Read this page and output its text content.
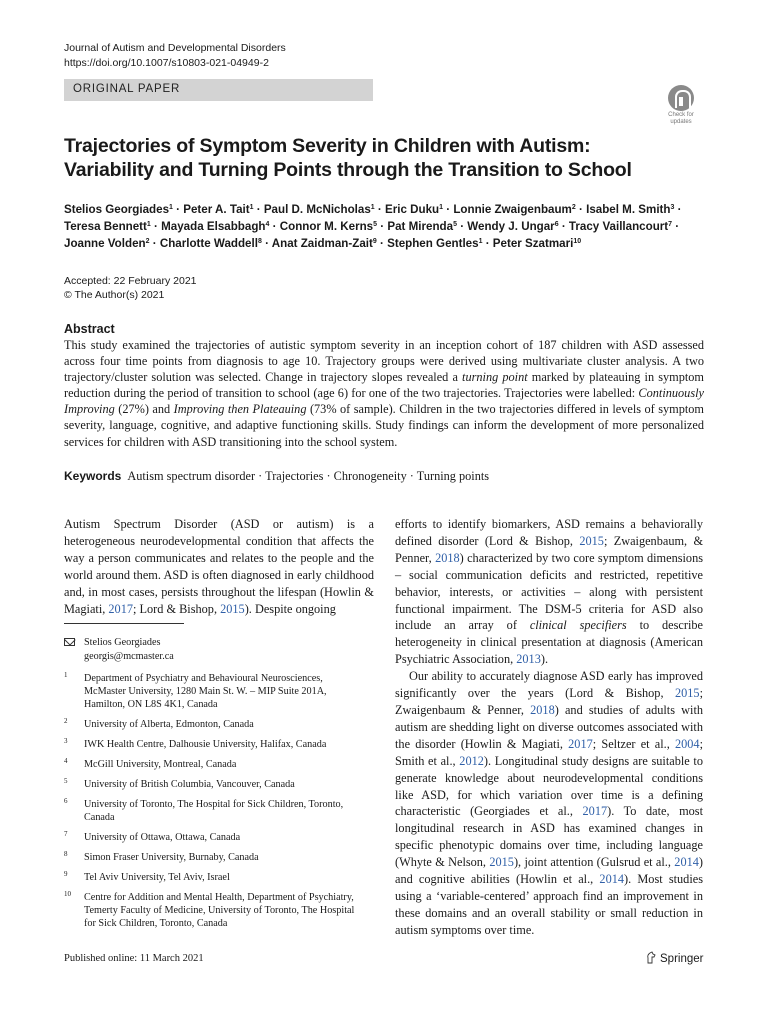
Journal of Autism and Developmental Disorders
https://doi.org/10.1007/s10803-021-04949-2
ORIGINAL PAPER
Check for
updates
Trajectories of Symptom Severity in Children with Autism: Variability and Turning Points through the Transition to School
Stelios Georgiades$^1$ · Peter A. Tait$^1$ · Paul D. McNicholas$^1$ · Eric Duku$^1$ · Lonnie Zwaigenbaum$^2$ · Isabel M. Smith$^3$ · Teresa Bennett$^1$ · Mayada Elsabbagh$^4$ · Connor M. Kerns$^5$ · Pat Mirenda$^5$ · Wendy J. Ungar$^6$ · Tracy Vaillancourt$^7$ · Joanne Volden$^2$ · Charlotte Waddell$^8$ · Anat Zaidman-Zait$^9$ · Stephen Gentles$^1$ · Peter Szatmari$^{10}$
Accepted: 22 February 2021
© The Author(s) 2021
Abstract
This study examined the trajectories of autistic symptom severity in an inception cohort of 187 children with ASD assessed across four time points from diagnosis to age 10. Trajectory groups were derived using multivariate cluster analysis. A two trajectory/cluster solution was selected. Change in trajectory slopes revealed a turning point marked by plateauing in symptom reduction during the period of transition to school (age 6) for one of the two trajectories. Trajectories were labelled: Continuously Improving (27%) and Improving then Plateauing (73% of sample). Children in the two trajectories differed in levels of symptom severity, language, cognitive, and adaptive functioning skills. Study findings can inform the development of more personalized services for children with ASD transitioning into the school system.
Keywords Autism spectrum disorder · Trajectories · Chronogeneity · Turning points
Autism Spectrum Disorder (ASD or autism) is a heterogeneous neurodevelopmental condition that affects the way a person communicates and relates to the people and the world around them. ASD is often diagnosed in early childhood and, in most cases, persists throughout the lifespan (Howlin & Magiati, 2017; Lord & Bishop, 2015). Despite ongoing
Stelios Georgiades
georgis@mcmaster.ca
1 Department of Psychiatry and Behavioural Neurosciences, McMaster University, 1280 Main St. W. – MIP Suite 201A, Hamilton, ON L8S 4K1, Canada
2 University of Alberta, Edmonton, Canada
3 IWK Health Centre, Dalhousie University, Halifax, Canada
4 McGill University, Montreal, Canada
5 University of British Columbia, Vancouver, Canada
6 University of Toronto, The Hospital for Sick Children, Toronto, Canada
7 University of Ottawa, Ottawa, Canada
8 Simon Fraser University, Burnaby, Canada
9 Tel Aviv University, Tel Aviv, Israel
10 Centre for Addition and Mental Health, Department of Psychiatry, Temerty Faculty of Medicine, University of Toronto, The Hospital for Sick Children, Toronto, Canada

efforts to identify biomarkers, ASD remains a behaviorally defined disorder (Lord & Bishop, 2015; Zwaigenbaum, & Penner, 2018) characterized by two core symptom dimensions – social communication deficits and restricted, repetitive behavior, interests, or activities – along with persistent functional impairment. The DSM-5 criteria for ASD also include an array of clinical specifiers to describe heterogeneity in clinical presentation at diagnosis (American Psychiatric Association, 2013).

Our ability to accurately diagnose ASD early has improved significantly over the years (Lord & Bishop, 2015; Zwaigenbaum & Penner, 2018) and studies of adults with autism are shedding light on diverse outcomes associated with the disorder (Howlin & Magiati, 2017; Seltzer et al., 2004; Smith et al., 2012). Longitudinal study designs are suitable to generate knowledge about neurodevelopmental conditions like ASD, for which variation over time is a defining characteristic (Georgiades et al., 2017). To date, most longitudinal research in ASD has examined changes in specific phenotypic domains over time, including language (Whyte & Nelson, 2015), joint attention (Gulsrud et al., 2014) and cognitive abilities (Howlin et al., 2014). Most studies using a ‘variable-centered’ approach find an improvement in these domains and an overall stability or small reduction in autism symptoms over time.

Published online: 11 March 2021	Springer
